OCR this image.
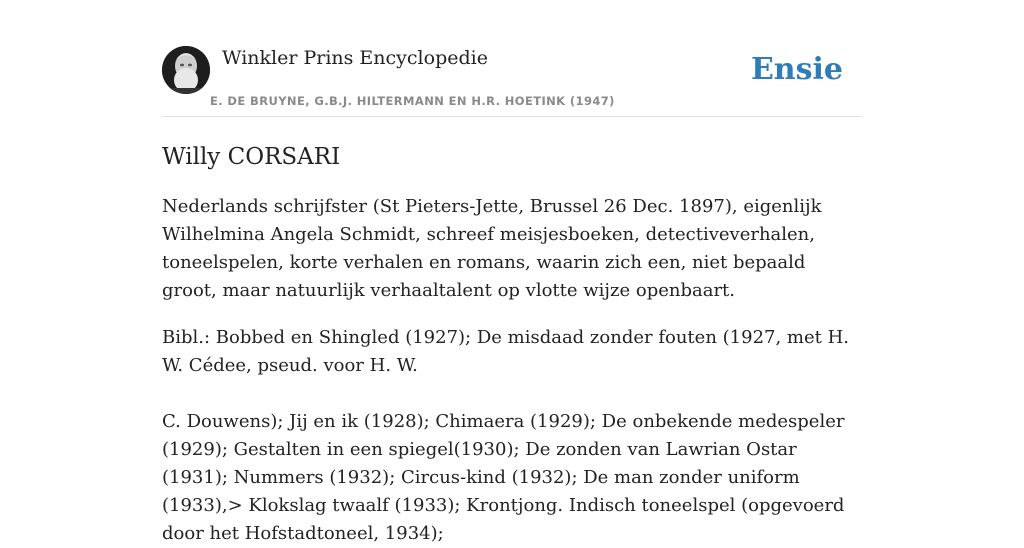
Winkler Prins Encyclopedie
E. DE BRUYNE, G.B.J. HILTERMANN EN H.R. HOETINK (1947)
Ensie
Willy CORSARI

Nederlands schrijfster (St Pieters-Jette, Brussel 26 Dec. 1897), eigenlijk Wilhelmina Angela Schmidt, schreef meisjesboeken, detectiveverhalen, toneelspelen, korte verhalen en romans, waarin zich een, niet bepaald groot, maar natuurlijk verhaaltalent op vlotte wijze openbaart.

Bibl.: Bobbed en Shingled (1927); De misdaad zonder fouten (1927, met H. W. Cédee, pseud. voor H. W.

C. Douwens); Jij en ik (1928); Chimaera (1929); De onbekende medespeler (1929); Gestalten in een spiegel(1930); De zonden van Lawrian Ostar (1931); Nummers (1932); Circus-kind (1932); De man zonder uniform (1933),> Klokslag twaalf (1933); Krontjong. Indisch toneelspel (opgevoerd door het Hofstadtoneel, 1934);
